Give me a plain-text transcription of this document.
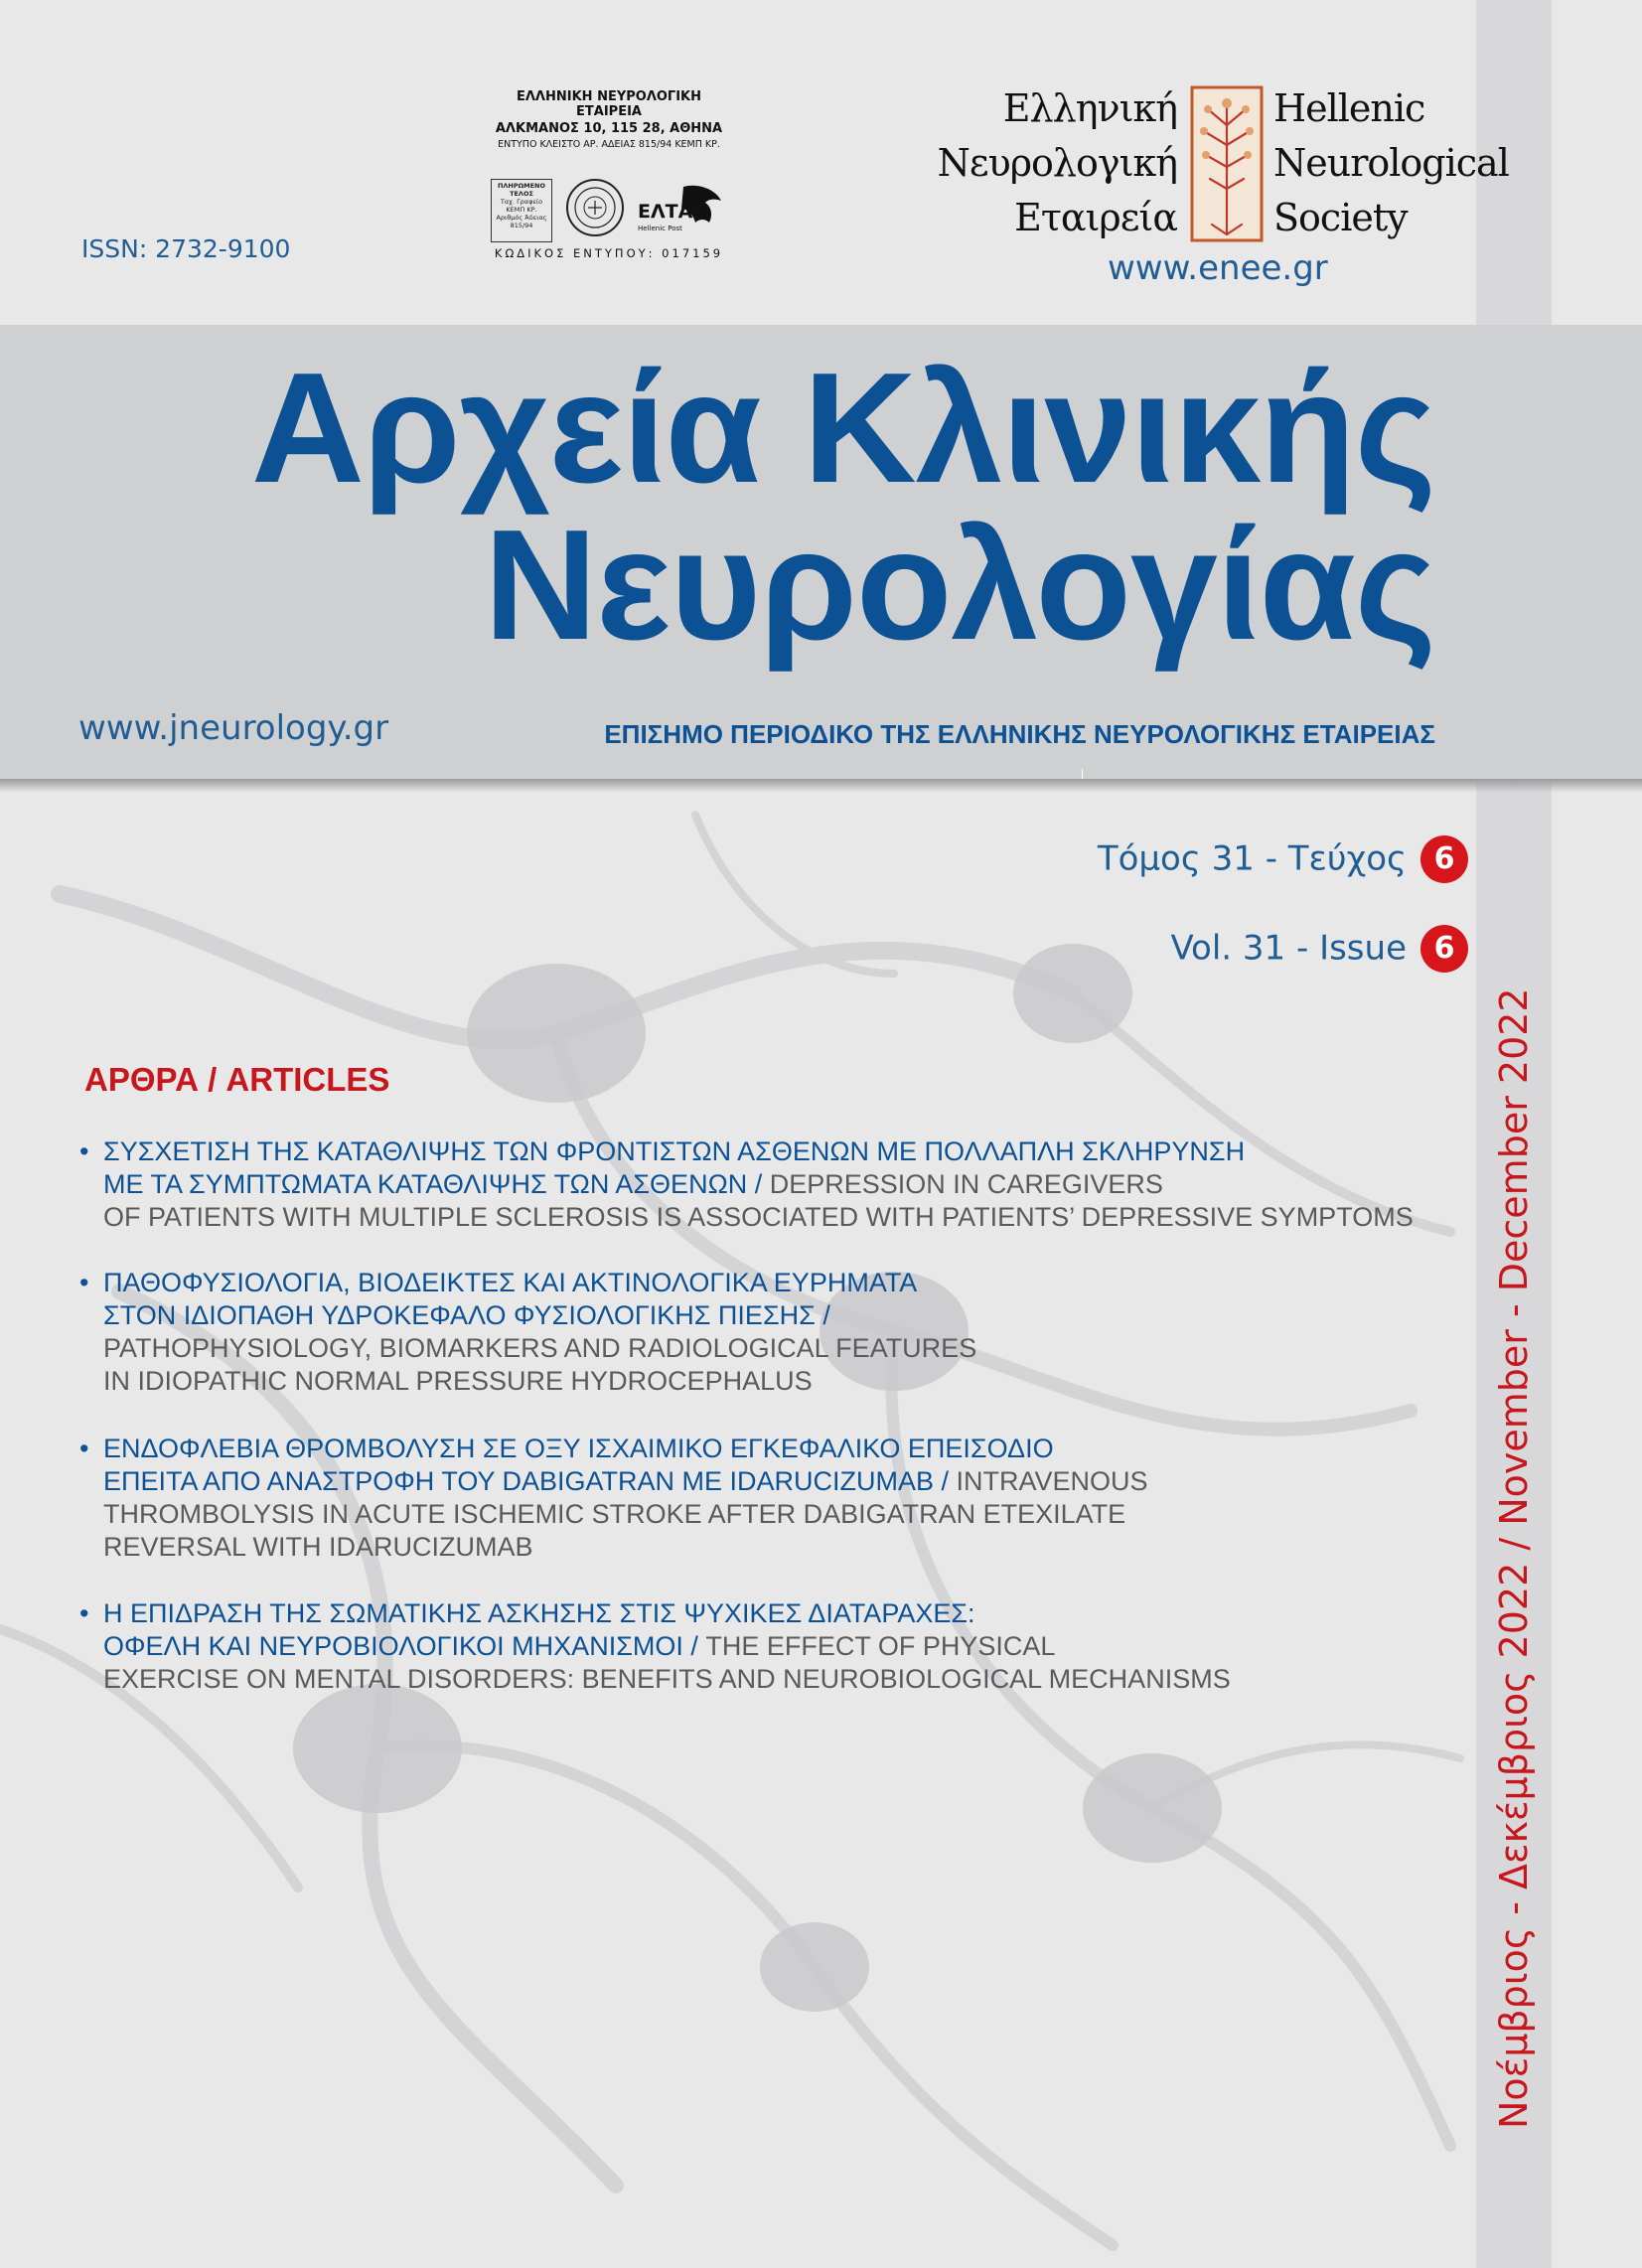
ISSN: 2732-9100
ΕΛΛΗΝΙΚΗ ΝΕΥΡΟΛΟΓΙΚΗ ΕΤΑΙΡΕΙΑ
ΑΛΚΜΑΝΟΣ 10, 115 28, ΑΘΗΝΑ
ΕΝΤΥΠΟ ΚΛΕΙΣΤΟ ΑΡ. ΑΔΕΙΑΣ 815/94 ΚΕΜΠ ΚΡ.
ΚΩΔΙΚΟΣ ΕΝΤΥΠΟΥ: 017159
ΠΛΗΡΩΜΕΝΟ
ΤΕΛΟΣ
Ταχ. Γραφείο
ΚΕΜΠ ΚΡ.
Αριθμός Άδειας
815/94
ΕΛΤΑ
Hellenic Post
Ελληνική
Νευρολογική
Εταιρεία
Hellenic
Neurological
Society
www.enee.gr
Αρχεία Κλινικής
Νευρολογίας
www.jneurology.gr	ΕΠΙΣΗΜΟ ΠΕΡΙΟΔΙΚΟ ΤΗΣ ΕΛΛΗΝΙΚΗΣ ΝΕΥΡΟΛΟΓΙΚΗΣ ΕΤΑΙΡΕΙΑΣ
Τόμος 31 - Τεύχος 6
Vol. 31 - Issue 6
Νοέμβριος - Δεκέμβριος 2022 / November - December 2022
ΑΡΘΡΑ / ARTICLES
• ΣΥΣΧΕΤΙΣΗ ΤΗΣ ΚΑΤΑΘΛΙΨΗΣ ΤΩΝ ΦΡΟΝΤΙΣΤΩΝ ΑΣΘΕΝΩΝ ΜΕ ΠΟΛΛΑΠΛΗ ΣΚΛΗΡΥΝΣΗ
ΜΕ ΤΑ ΣΥΜΠΤΩΜΑΤΑ ΚΑΤΑΘΛΙΨΗΣ ΤΩΝ ΑΣΘΕΝΩΝ / DEPRESSION IN CAREGIVERS
OF PATIENTS WITH MULTIPLE SCLEROSIS IS ASSOCIATED WITH PATIENTS’ DEPRESSIVE SYMPTOMS
• ΠΑΘΟΦΥΣΙΟΛΟΓΙΑ, ΒΙΟΔΕΙΚΤΕΣ ΚΑΙ ΑΚΤΙΝΟΛΟΓΙΚΑ ΕΥΡΗΜΑΤΑ
ΣΤΟΝ ΙΔΙΟΠΑΘΗ ΥΔΡΟΚΕΦΑΛΟ ΦΥΣΙΟΛΟΓΙΚΗΣ ΠΙΕΣΗΣ /
PATHOPHYSIOLOGY, BIOMARKERS AND RADIOLOGICAL FEATURES
IN IDIOPATHIC NORMAL PRESSURE HYDROCEPHALUS
• ΕΝΔΟΦΛΕΒΙΑ ΘΡΟΜΒΟΛΥΣΗ ΣΕ ΟΞΥ ΙΣΧΑΙΜΙΚΟ ΕΓΚΕΦΑΛΙΚΟ ΕΠΕΙΣΟΔΙΟ
ΕΠΕΙΤΑ ΑΠΟ ΑΝΑΣΤΡΟΦΗ ΤΟΥ DABIGATRAN ΜΕ IDARUCIZUMAB / INTRAVENOUS
THROMBOLYSIS IN ACUTE ISCHEMIC STROKE AFTER DABIGATRAN ETEXILATE
REVERSAL WITH IDARUCIZUMAB
• Η ΕΠΙΔΡΑΣΗ ΤΗΣ ΣΩΜΑΤΙΚΗΣ ΑΣΚΗΣΗΣ ΣΤΙΣ ΨΥΧΙΚΕΣ ΔΙΑΤΑΡΑΧΕΣ:
ΟΦΕΛΗ ΚΑΙ ΝΕΥΡΟΒΙΟΛΟΓΙΚΟΙ ΜΗΧΑΝΙΣΜΟΙ / THE EFFECT OF PHYSICAL
EXERCISE ON MENTAL DISORDERS: BENEFITS AND NEUROBIOLOGICAL MECHANISMS
